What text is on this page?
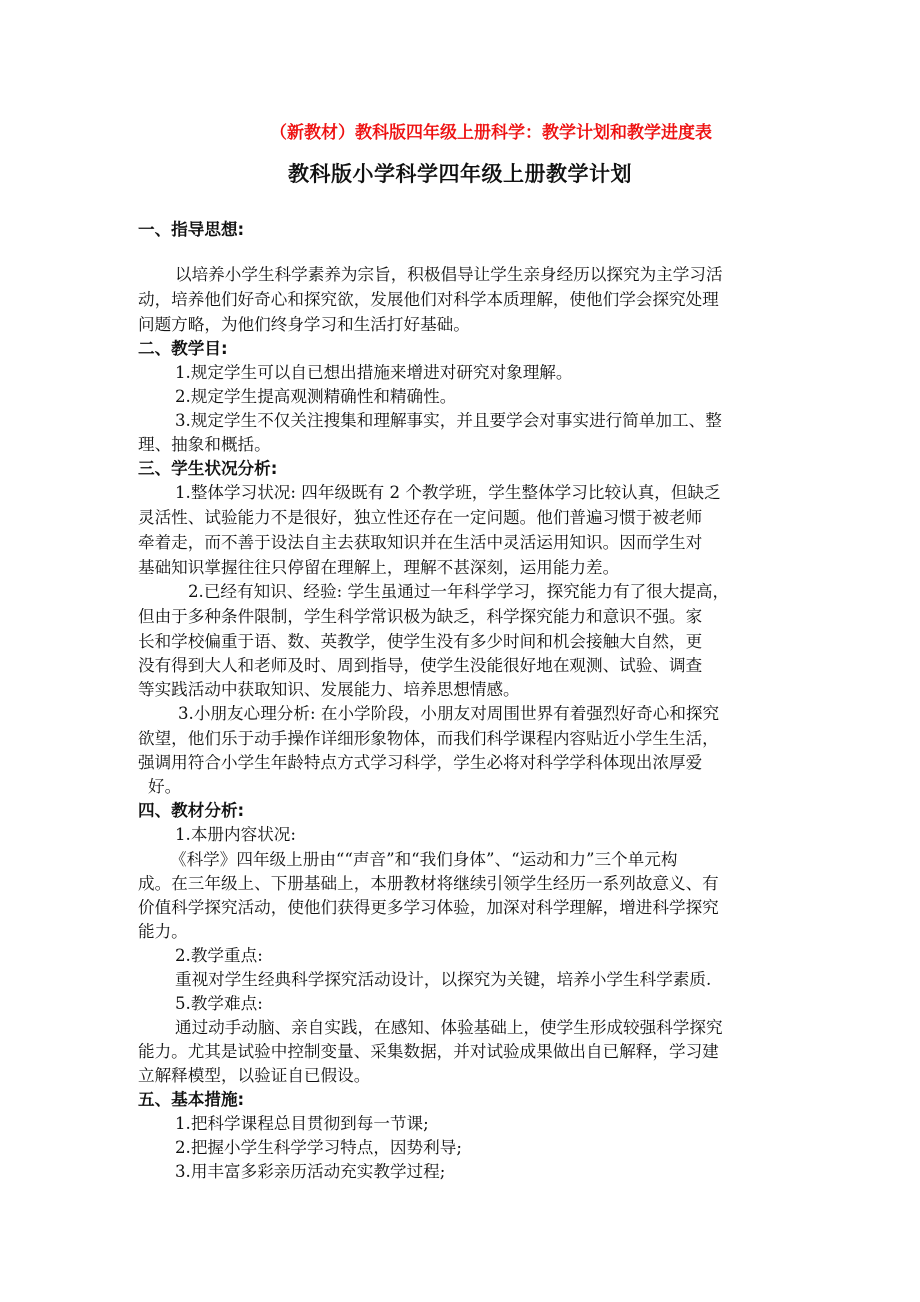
（新教材）教科版四年级上册科学：教学计划和教学进度表
教科版小学科学四年级上册教学计划
一、指导思想:
以培养小学生科学素养为宗旨，积极倡导让学生亲身经历以探究为主学习活
动，培养他们好奇心和探究欲，发展他们对科学本质理解，使他们学会探究处理
问题方略，为他们终身学习和生活打好基础。
二、教学目:
1.规定学生可以自已想出措施来增进对研究对象理解。
2.规定学生提高观测精确性和精确性。
3.规定学生不仅关注搜集和理解事实，并且要学会对事实进行简单加工、整
理、抽象和概括。
三、学生状况分析:
1.整体学习状况: 四年级既有 2 个教学班，学生整体学习比较认真，但缺乏
灵活性、试验能力不是很好，独立性还存在一定问题。他们普遍习惯于被老师
牵着走，而不善于设法自主去获取知识并在生活中灵活运用知识。因而学生对
基础知识掌握往往只停留在理解上，理解不甚深刻，运用能力差。
2.已经有知识、经验: 学生虽通过一年科学学习，探究能力有了很大提高，
但由于多种条件限制，学生科学常识极为缺乏，科学探究能力和意识不强。家
长和学校偏重于语、数、英教学，使学生没有多少时间和机会接触大自然，更
没有得到大人和老师及时、周到指导，使学生没能很好地在观测、试验、调查
等实践活动中获取知识、发展能力、培养思想情感。
3.小朋友心理分析: 在小学阶段，小朋友对周围世界有着强烈好奇心和探究
欲望，他们乐于动手操作详细形象物体，而我们科学课程内容贴近小学生生活，
强调用符合小学生年龄特点方式学习科学，学生必将对科学学科体现出浓厚爱
好。
四、教材分析:
1.本册内容状况:
《科学》四年级上册由““声音”和“我们身体”、“运动和力”三个单元构
成。在三年级上、下册基础上，本册教材将继续引领学生经历一系列故意义、有
价值科学探究活动，使他们获得更多学习体验，加深对科学理解，增进科学探究
能力。
2.教学重点:
重视对学生经典科学探究活动设计，以探究为关键，培养小学生科学素质.
5.教学难点:
通过动手动脑、亲自实践，在感知、体验基础上，使学生形成较强科学探究
能力。尤其是试验中控制变量、采集数据，并对试验成果做出自已解释，学习建
立解释模型，以验证自已假设。
五、基本措施:
1.把科学课程总目贯彻到每一节课;
2.把握小学生科学学习特点，因势利导;
3.用丰富多彩亲历活动充实教学过程;
